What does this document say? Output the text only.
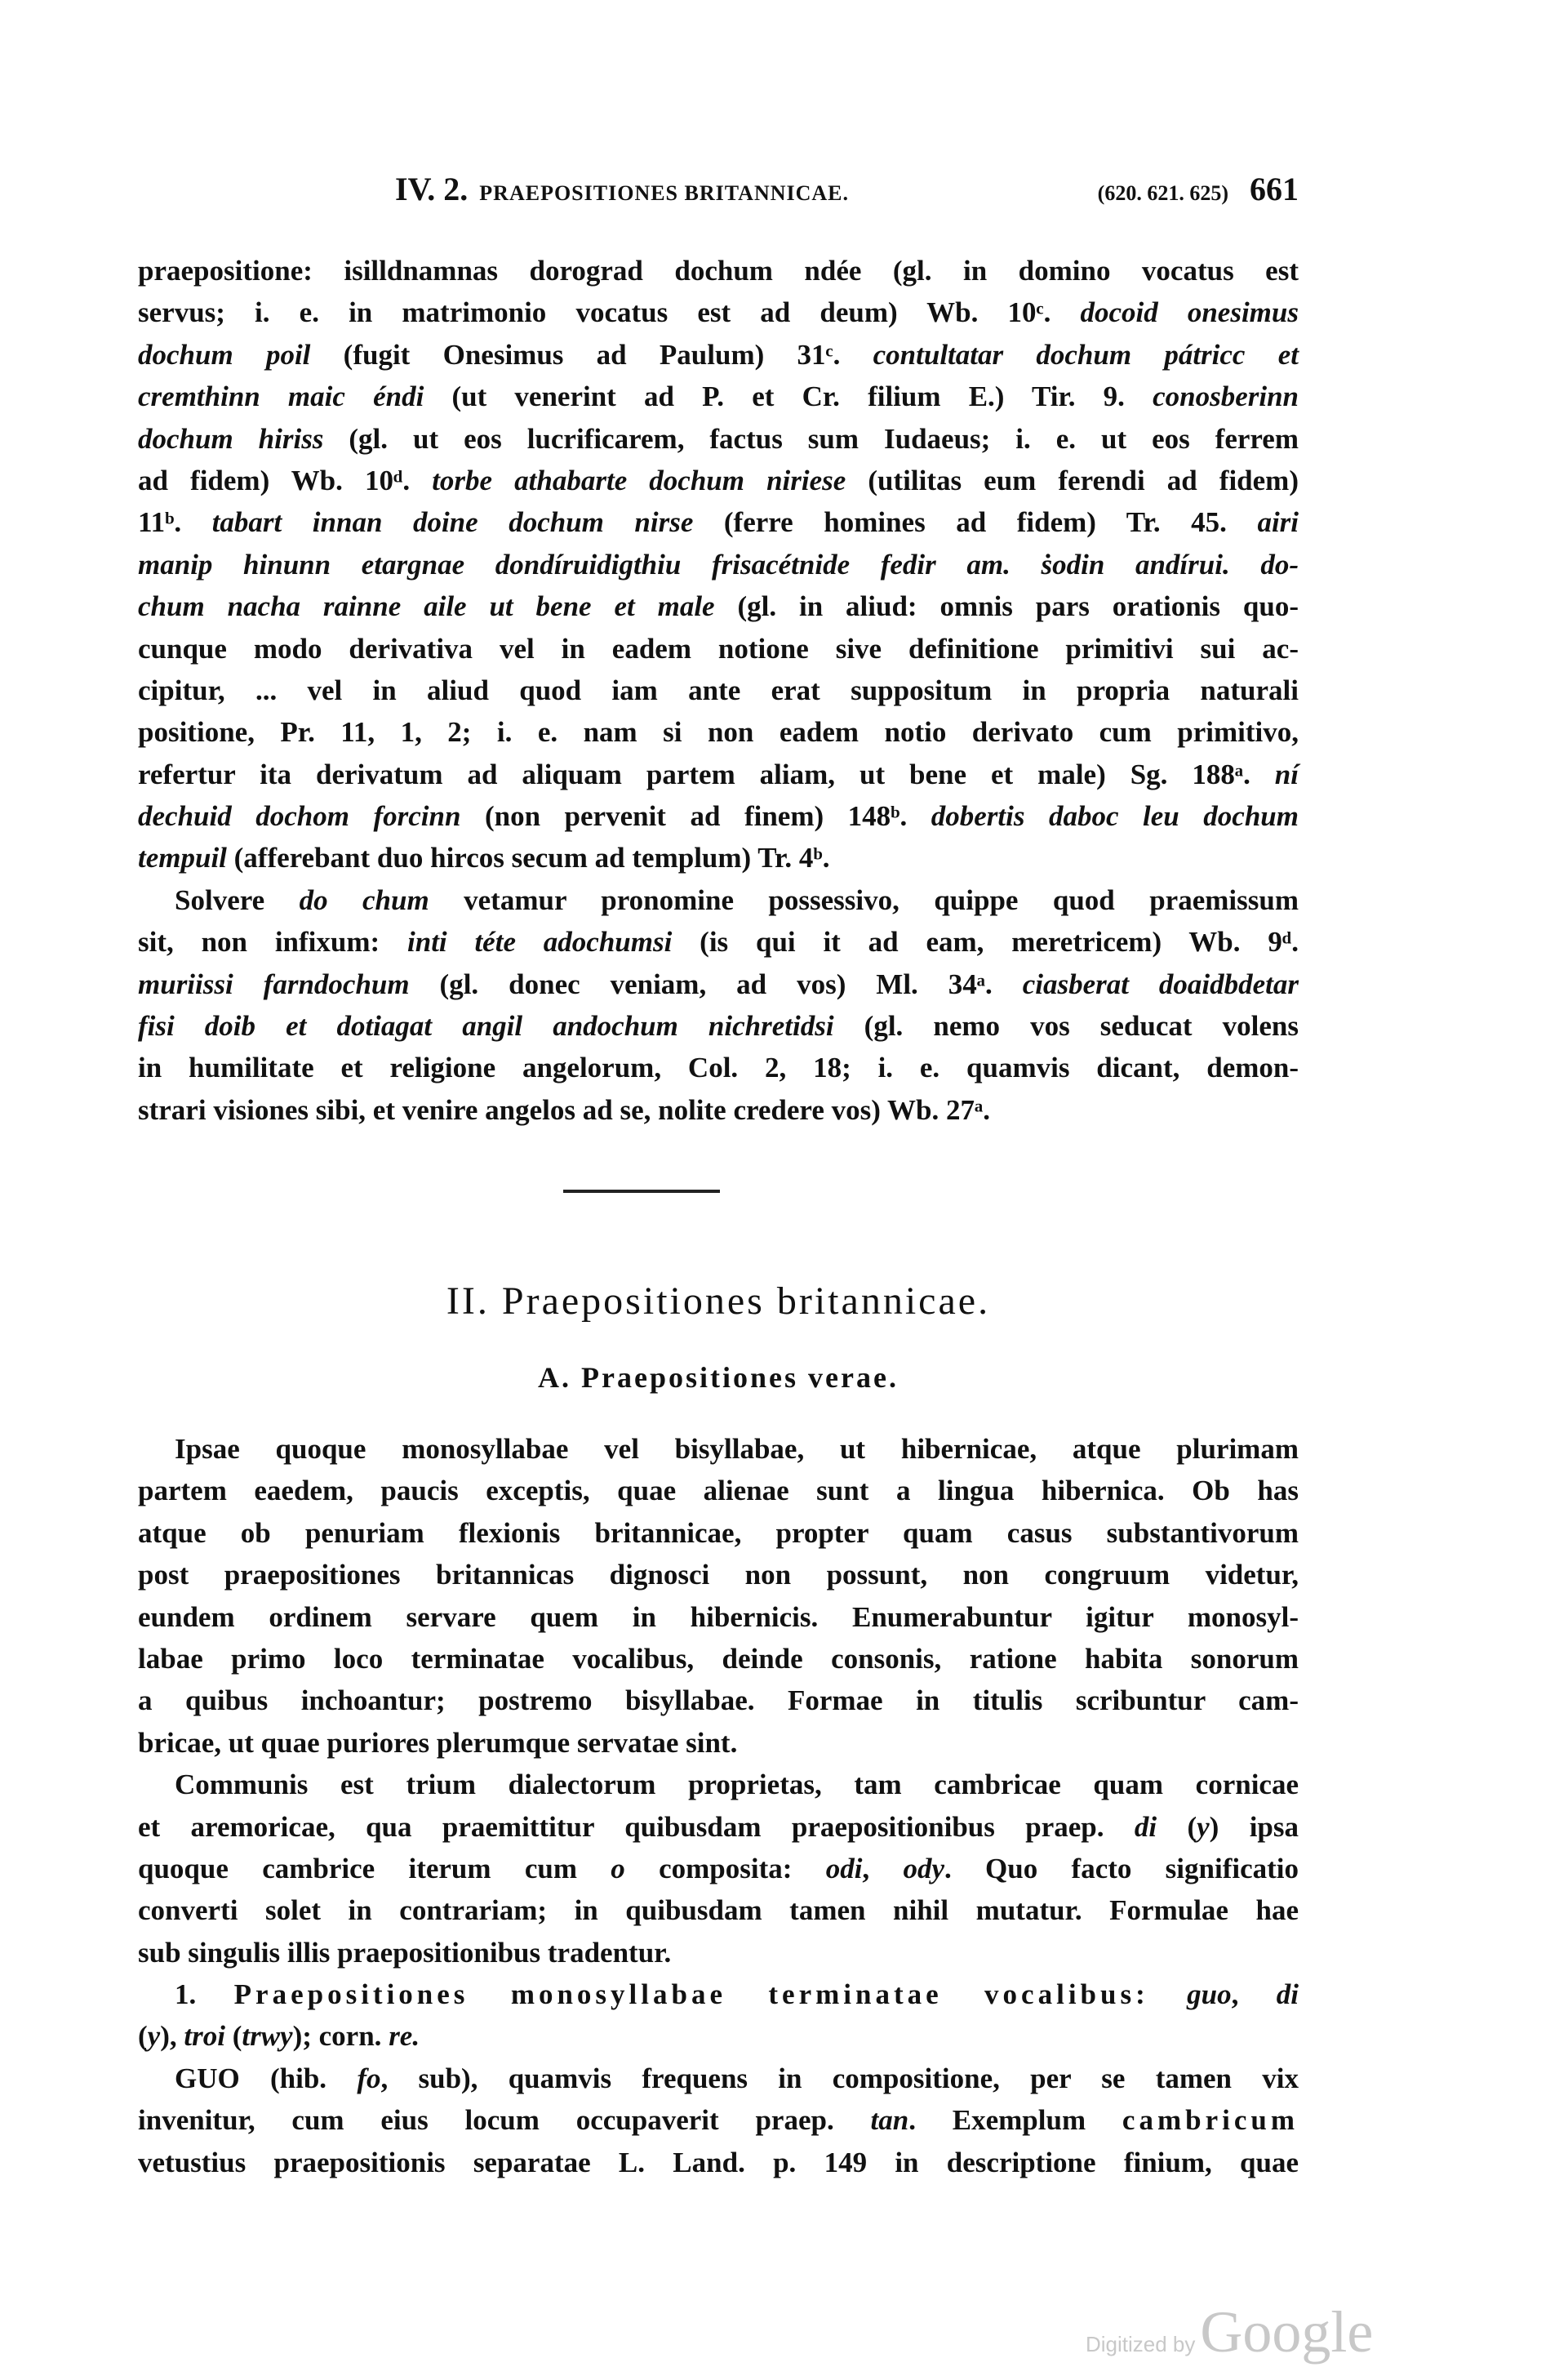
IV. 2. PRAEPOSITIONES BRITANNICAE.	(620. 621. 625) 661
praepositione: isilldnamnas dorograd dochum ndée (gl. in domino vocatus est
servus; i. e. in matrimonio vocatus est ad deum) Wb. 10ᶜ. docoid onesimus
dochum poil (fugit Onesimus ad Paulum) 31ᶜ. contultatar dochum pátricc et
cremthinn maic éndi (ut venerint ad P. et Cr. filium E.) Tir. 9. conosberinn
dochum hiriss (gl. ut eos lucrificarem, factus sum Iudaeus; i. e. ut eos ferrem
ad fidem) Wb. 10ᵈ. torbe athabarte dochum niriese (utilitas eum ferendi ad fidem)
11ᵇ. tabart innan doine dochum nirse (ferre homines ad fidem) Tr. 45. airi
manip hinunn etargnae dondíruidigthiu frisacétnide fedir am. ṡodin andírui. do-
chum nacha rainne aile ut bene et male (gl. in aliud: omnis pars orationis quo-
cunque modo derivativa vel in eadem notione sive definitione primitivi sui ac-
cipitur, ... vel in aliud quod iam ante erat suppositum in propria naturali
positione, Pr. 11, 1, 2; i. e. nam si non eadem notio derivato cum primitivo,
refertur ita derivatum ad aliquam partem aliam, ut bene et male) Sg. 188ᵃ. ní
dechuid dochom forcinn (non pervenit ad finem) 148ᵇ. dobertis daboc leu dochum
tempuil (afferebant duo hircos secum ad templum) Tr. 4ᵇ.
Solvere do chum vetamur pronomine possessivo, quippe quod praemissum
sit, non infixum: inti téte adochumsi (is qui it ad eam, meretricem) Wb. 9ᵈ.
muriissi farndochum (gl. donec veniam, ad vos) Ml. 34ᵃ. ciasberat doaidbdetar
fisi doib et dotiagat angil andochum nichretidsi (gl. nemo vos seducat volens
in humilitate et religione angelorum, Col. 2, 18; i. e. quamvis dicant, demon-
strari visiones sibi, et venire angelos ad se, nolite credere vos) Wb. 27ᵃ.
II. Praepositiones britannicae.
A. Praepositiones verae.
Ipsae quoque monosyllabae vel bisyllabae, ut hibernicae, atque plurimam
partem eaedem, paucis exceptis, quae alienae sunt a lingua hibernica. Ob has
atque ob penuriam flexionis britannicae, propter quam casus substantivorum
post praepositiones britannicas dignosci non possunt, non congruum videtur,
eundem ordinem servare quem in hibernicis. Enumerabuntur igitur monosyl-
labae primo loco terminatae vocalibus, deinde consonis, ratione habita sonorum
a quibus inchoantur; postremo bisyllabae. Formae in titulis scribuntur cam-
bricae, ut quae puriores plerumque servatae sint.
Communis est trium dialectorum proprietas, tam cambricae quam cornicae
et aremoricae, qua praemittitur quibusdam praepositionibus praep. di (y) ipsa
quoque cambrice iterum cum o composita: odi, ody. Quo facto significatio
converti solet in contrariam; in quibusdam tamen nihil mutatur. Formulae hae
sub singulis illis praepositionibus tradentur.
1. Praepositiones monosyllabae terminatae vocalibus: guo, di
(y), troi (trwy); corn. re.
GUO (hib. fo, sub), quamvis frequens in compositione, per se tamen vix
invenitur, cum eius locum occupaverit praep. tan. Exemplum cambricum
vetustius praepositionis separatae L. Land. p. 149 in descriptione finium, quae
Digitized byGoogle
